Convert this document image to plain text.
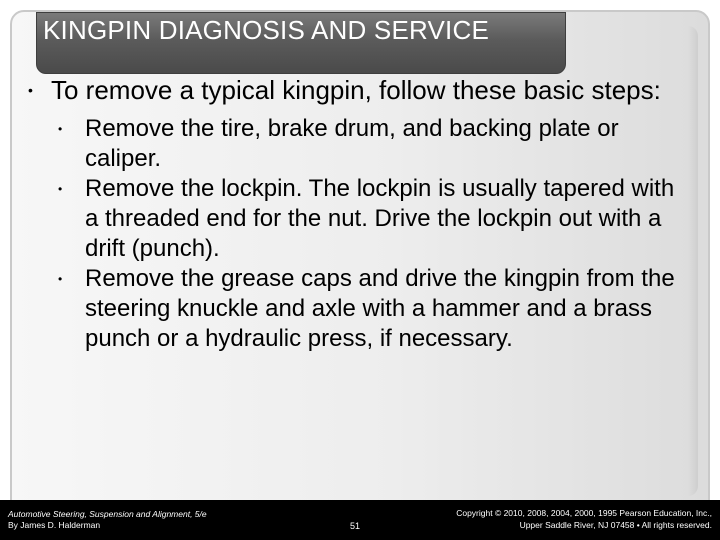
KINGPIN DIAGNOSIS AND SERVICE

• To remove a typical kingpin, follow these basic steps:

• Remove the tire, brake drum, and backing plate or caliper.
• Remove the lockpin. The lockpin is usually tapered with a threaded end for the nut. Drive the lockpin out with a drift (punch).
• Remove the grease caps and drive the kingpin from the steering knuckle and axle with a hammer and a brass punch or a hydraulic press, if necessary.
Automotive Steering, Suspension and Alignment, 5/e
By James D. Halderman	51
Copyright © 2010, 2008, 2004, 2000, 1995 Pearson Education, Inc.,
Upper Saddle River, NJ 07458 • All rights reserved.
